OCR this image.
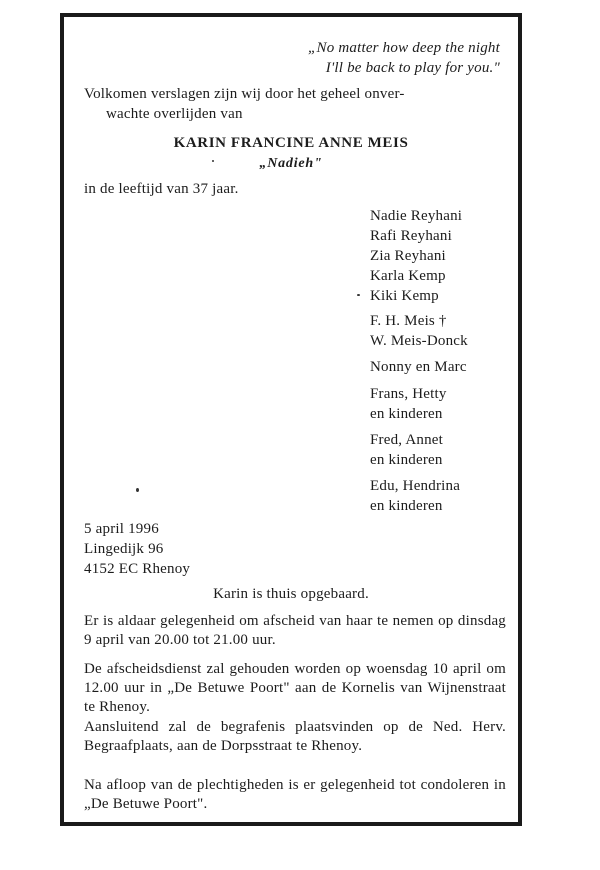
„No matter how deep the night
I'll be back to play for you."
Volkomen verslagen zijn wij door het geheel onver-
wachte overlijden van
KARIN FRANCINE ANNE MEIS
„Nadieh"
in de leeftijd van 37 jaar.
Nadie Reyhani
Rafi Reyhani
Zia Reyhani
Karla Kemp
Kiki Kemp
F. H. Meis †
W. Meis-Donck
Nonny en Marc
Frans, Hetty
en kinderen
Fred, Annet
en kinderen
Edu, Hendrina
en kinderen
5 april 1996
Lingedijk 96
4152 EC Rhenoy
Karin is thuis opgebaard.
Er is aldaar gelegenheid om afscheid van haar te nemen op dinsdag 9 april van 20.00 tot 21.00 uur.
De afscheidsdienst zal gehouden worden op woensdag 10 april om 12.00 uur in „De Betuwe Poort" aan de Kornelis van Wijnenstraat te Rhenoy.
Aansluitend zal de begrafenis plaatsvinden op de Ned. Herv. Begraafplaats, aan de Dorpsstraat te Rhenoy.
Na afloop van de plechtigheden is er gelegenheid tot condoleren in „De Betuwe Poort".
